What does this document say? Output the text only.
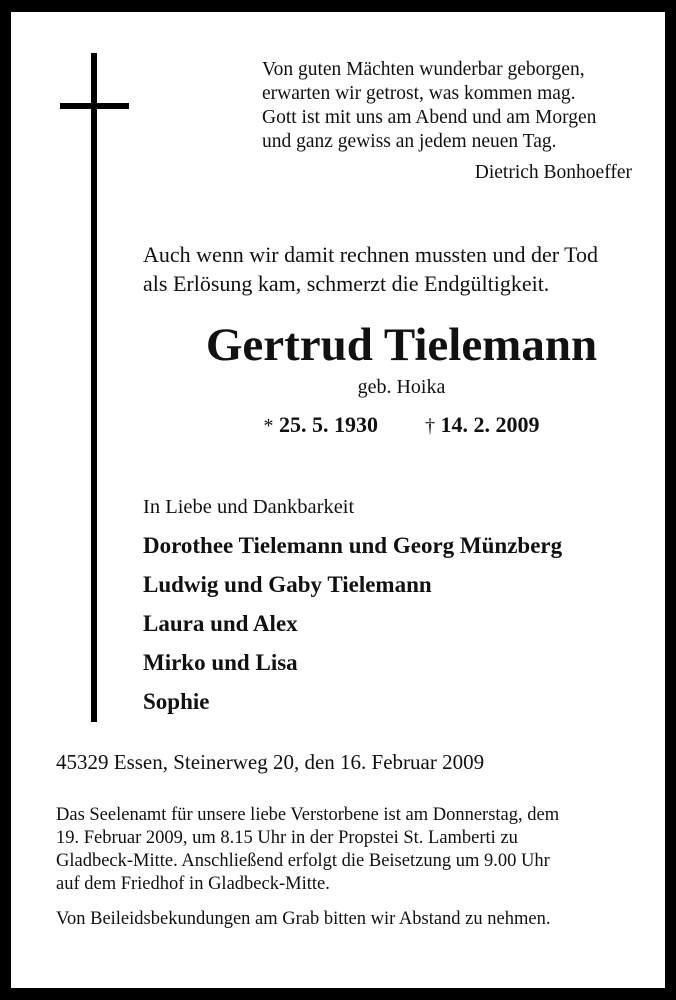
Von guten Mächten wunderbar geborgen,
erwarten wir getrost, was kommen mag.
Gott ist mit uns am Abend und am Morgen
und ganz gewiss an jedem neuen Tag.
Dietrich Bonhoeffer
Auch wenn wir damit rechnen mussten und der Tod
als Erlösung kam, schmerzt die Endgültigkeit.
Gertrud Tielemann
geb. Hoika
* 25. 5. 1930 † 14. 2. 2009
In Liebe und Dankbarkeit
Dorothee Tielemann und Georg Münzberg
Ludwig und Gaby Tielemann
Laura und Alex
Mirko und Lisa
Sophie
45329 Essen, Steinerweg 20, den 16. Februar 2009
Das Seelenamt für unsere liebe Verstorbene ist am Donnerstag, dem
19. Februar 2009, um 8.15 Uhr in der Propstei St. Lamberti zu
Gladbeck-Mitte. Anschließend erfolgt die Beisetzung um 9.00 Uhr
auf dem Friedhof in Gladbeck-Mitte.
Von Beileidsbekundungen am Grab bitten wir Abstand zu nehmen.
